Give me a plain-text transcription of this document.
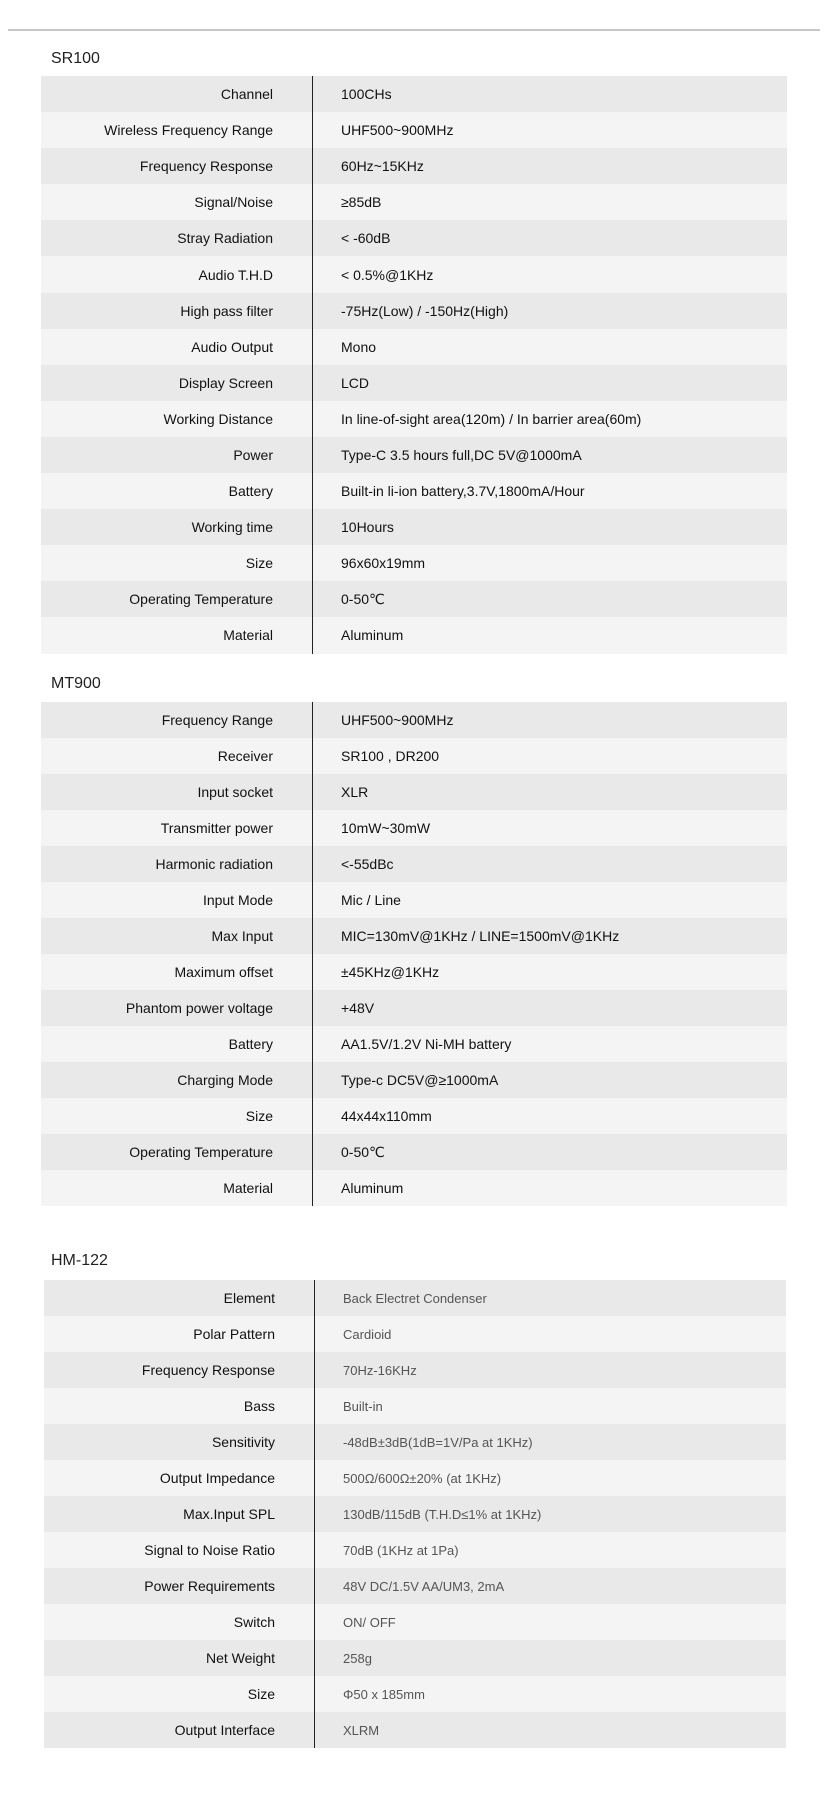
SR100
Channel	100CHs
Wireless Frequency Range	UHF500~900MHz
Frequency Response	60Hz~15KHz
Signal/Noise	≥85dB
Stray Radiation	< -60dB
Audio T.H.D	< 0.5%@1KHz
High pass filter	-75Hz(Low) / -150Hz(High)
Audio Output	Mono
Display Screen	LCD
Working Distance	In line-of-sight area(120m) / In barrier area(60m)
Power	Type-C 3.5 hours full,DC 5V@1000mA
Battery	Built-in li-ion battery,3.7V,1800mA/Hour
Working time	10Hours
Size	96x60x19mm
Operating Temperature	0-50℃
Material	Aluminum
MT900
Frequency Range	UHF500~900MHz
Receiver	SR100 , DR200
Input socket	XLR
Transmitter power	10mW~30mW
Harmonic radiation	<-55dBc
Input Mode	Mic / Line
Max Input	MIC=130mV@1KHz / LINE=1500mV@1KHz
Maximum offset	±45KHz@1KHz
Phantom power voltage	+48V
Battery	AA1.5V/1.2V Ni-MH battery
Charging Mode	Type-c DC5V@≥1000mA
Size	44x44x110mm
Operating Temperature	0-50℃
Material	Aluminum
HM-122
Element	Back Electret Condenser
Polar Pattern	Cardioid
Frequency Response	70Hz-16KHz
Bass	Built-in
Sensitivity	-48dB±3dB(1dB=1V/Pa at 1KHz)
Output Impedance	500Ω/600Ω±20% (at 1KHz)
Max.Input SPL	130dB/115dB (T.H.D≤1% at 1KHz)
Signal to Noise Ratio	70dB (1KHz at 1Pa)
Power Requirements	48V DC/1.5V AA/UM3, 2mA
Switch	ON/ OFF
Net Weight	258g
Size	Φ50 x 185mm
Output Interface	XLRM
